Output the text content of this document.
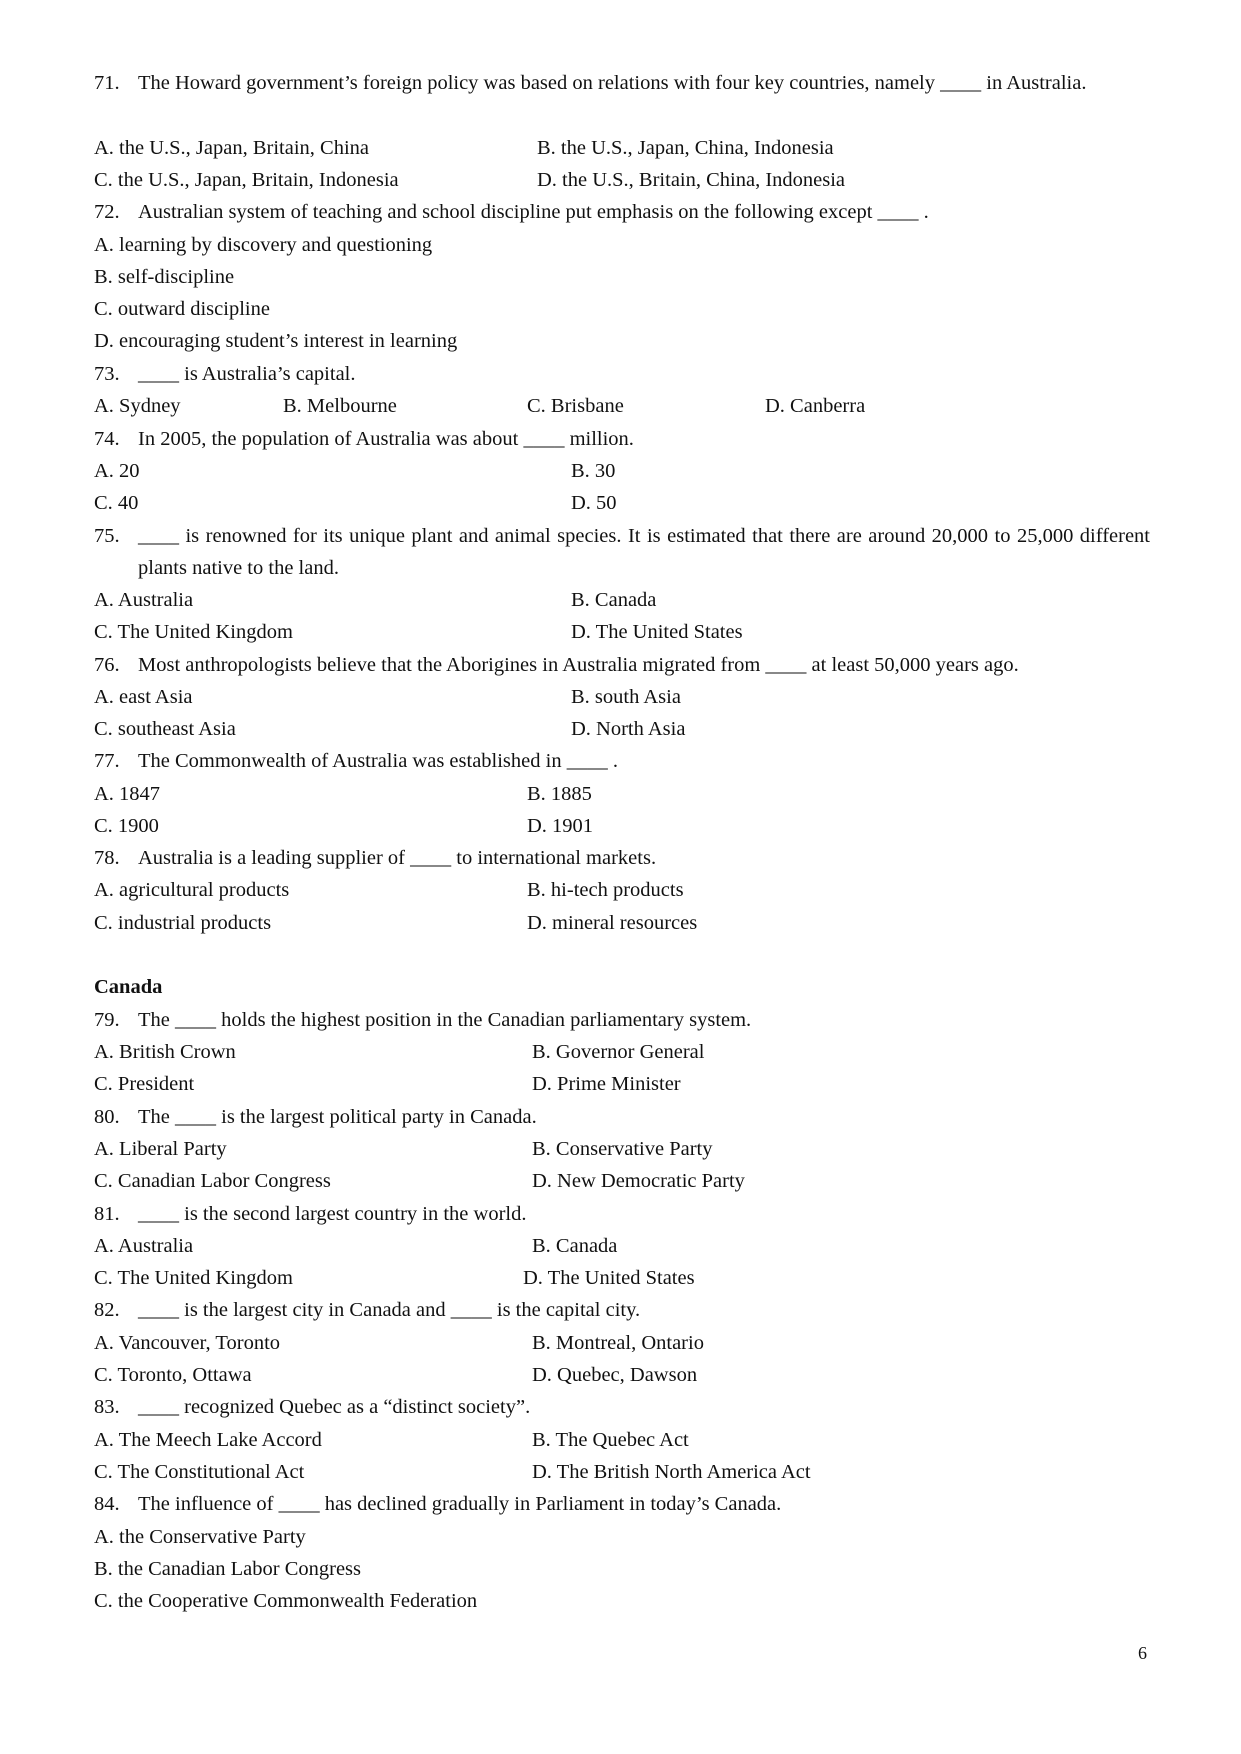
71. The Howard government’s foreign policy was based on relations with four key countries, namely ____ in Australia.
A. the U.S., Japan, Britain, China	B. the U.S., Japan, China, Indonesia
C. the U.S., Japan, Britain, Indonesia	D. the U.S., Britain, China, Indonesia
72. Australian system of teaching and school discipline put emphasis on the following except ____ .
A. learning by discovery and questioning
B. self-discipline
C. outward discipline
D. encouraging student’s interest in learning
73. ____ is Australia’s capital.
A. Sydney	B. Melbourne	C. Brisbane	D. Canberra
74. In 2005, the population of Australia was about ____ million.
A. 20	B. 30
C. 40	D. 50
75. ____ is renowned for its unique plant and animal species. It is estimated that there are around 20,000 to 25,000 different plants native to the land.
A. Australia	B. Canada
C. The United Kingdom	D. The United States
76. Most anthropologists believe that the Aborigines in Australia migrated from ____ at least 50,000 years ago.
A. east Asia	B. south Asia
C. southeast Asia	D. North Asia
77. The Commonwealth of Australia was established in ____ .
A. 1847	B. 1885
C. 1900	D. 1901
78. Australia is a leading supplier of ____ to international markets.
A. agricultural products	B. hi-tech products
C. industrial products	D. mineral resources
Canada
79. The ____ holds the highest position in the Canadian parliamentary system.
A. British Crown	B. Governor General
C. President	D. Prime Minister
80. The ____ is the largest political party in Canada.
A. Liberal Party	B. Conservative Party
C. Canadian Labor Congress	D. New Democratic Party
81. ____ is the second largest country in the world.
A. Australia	B. Canada
C. The United Kingdom	D. The United States
82. ____ is the largest city in Canada and ____ is the capital city.
A. Vancouver, Toronto	B. Montreal, Ontario
C. Toronto, Ottawa	D. Quebec, Dawson
83. ____ recognized Quebec as a “distinct society”.
A. The Meech Lake Accord	B. The Quebec Act
C. The Constitutional Act	D. The British North America Act
84. The influence of ____ has declined gradually in Parliament in today’s Canada.
A. the Conservative Party
B. the Canadian Labor Congress
C. the Cooperative Commonwealth Federation
6
